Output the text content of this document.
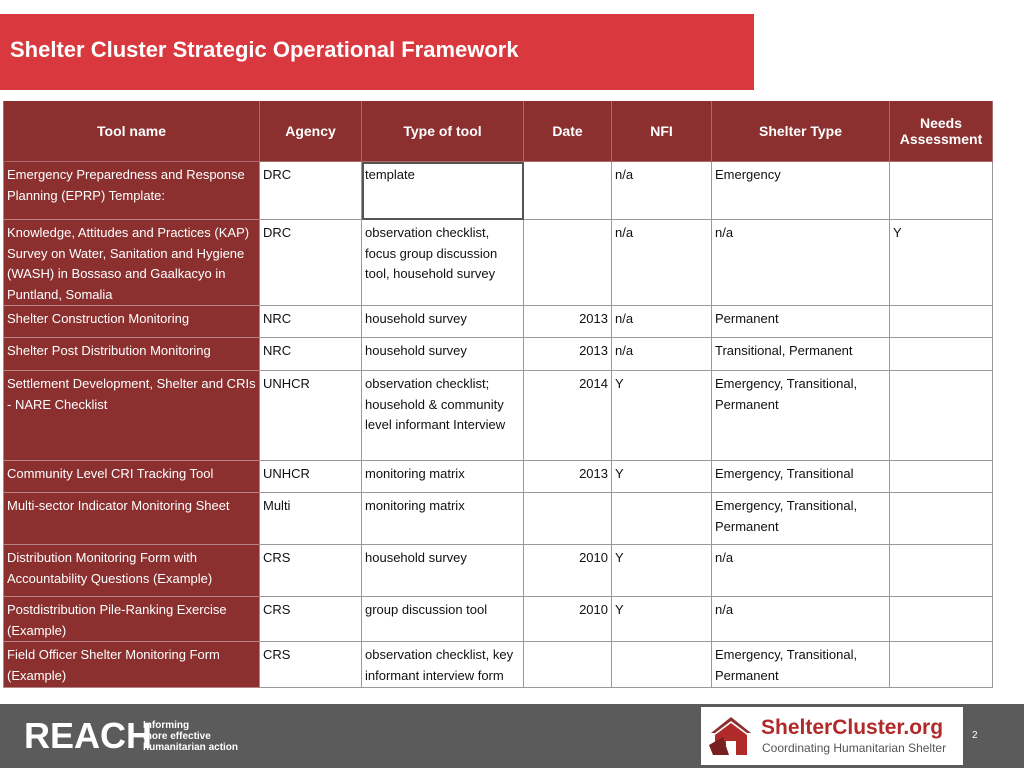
Shelter Cluster Strategic Operational Framework
Tool name	Agency	Type of tool	Date	NFI	Shelter Type	Needs Assessment
Emergency Preparedness and Response Planning (EPRP) Template:	DRC	template		n/a	Emergency	
Knowledge, Attitudes and Practices (KAP) Survey on Water, Sanitation and Hygiene (WASH) in Bossaso and Gaalkacyo in Puntland, Somalia	DRC	observation checklist, focus group discussion tool, household survey		n/a	n/a	Y
Shelter Construction Monitoring	NRC	household survey	2013	n/a	Permanent	
Shelter Post Distribution Monitoring	NRC	household survey	2013	n/a	Transitional, Permanent	
Settlement Development, Shelter and CRIs - NARE Checklist	UNHCR	observation checklist; household & community level informant Interview	2014	Y	Emergency, Transitional, Permanent	
Community Level CRI Tracking Tool	UNHCR	monitoring matrix	2013	Y	Emergency, Transitional	
Multi-sector Indicator Monitoring Sheet	Multi	monitoring matrix			Emergency, Transitional, Permanent	
Distribution Monitoring Form with Accountability Questions (Example)	CRS	household survey	2010	Y	n/a	
Postdistribution Pile-Ranking Exercise (Example)	CRS	group discussion tool	2010	Y	n/a	
Field Officer Shelter Monitoring Form (Example)	CRS	observation checklist, key informant interview form			Emergency, Transitional, Permanent	
REACH
Informing
more effective
humanitarian action
ShelterCluster.org
Coordinating Humanitarian Shelter
2
